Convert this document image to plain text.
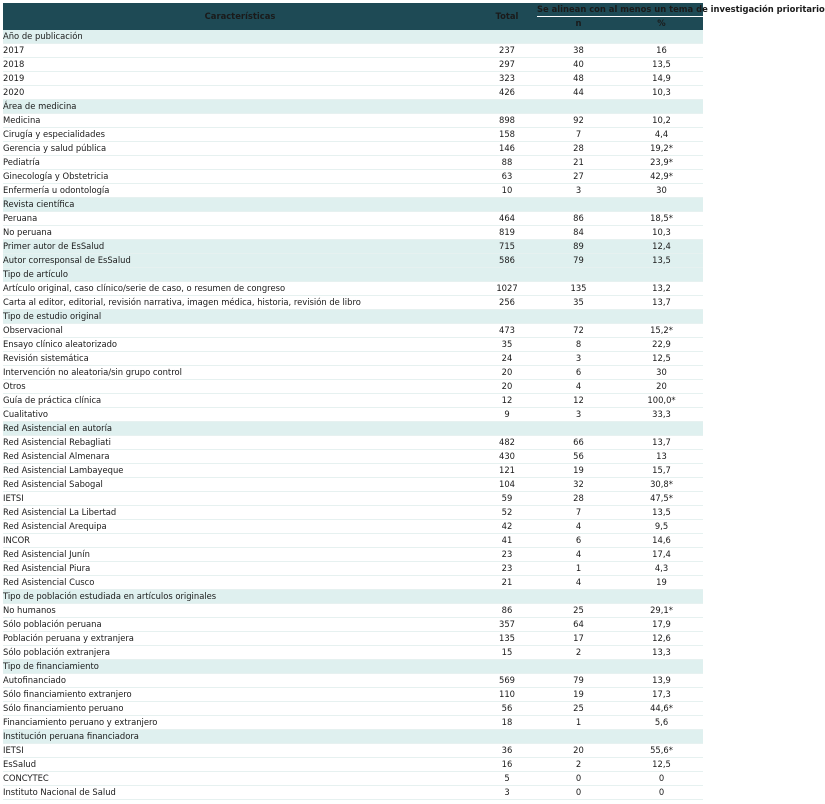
Características	Total	Se alinean con al menos un tema de investigación prioritario	
		n	%
Año de publicación			
2017	237	38	16
2018	297	40	13,5
2019	323	48	14,9
2020	426	44	10,3
Área de medicina			
Medicina	898	92	10,2
Cirugía y especialidades	158	7	4,4
Gerencia y salud pública	146	28	19,2*
Pediatría	88	21	23,9*
Ginecología y Obstetricia	63	27	42,9*
Enfermería u odontología	10	3	30
Revista científica			
Peruana	464	86	18,5*
No peruana	819	84	10,3
Primer autor de EsSalud	715	89	12,4
Autor corresponsal de EsSalud	586	79	13,5
Tipo de artículo			
Artículo original, caso clínico/serie de caso, o resumen de congreso	1027	135	13,2
Carta al editor, editorial, revisión narrativa, imagen médica, historia, revisión de libro	256	35	13,7
Tipo de estudio original			
Observacional	473	72	15,2*
Ensayo clínico aleatorizado	35	8	22,9
Revisión sistemática	24	3	12,5
Intervención no aleatoria/sin grupo control	20	6	30
Otros	20	4	20
Guía de práctica clínica	12	12	100,0*
Cualitativo	9	3	33,3
Red Asistencial en autoría			
Red Asistencial Rebagliati	482	66	13,7
Red Asistencial Almenara	430	56	13
Red Asistencial Lambayeque	121	19	15,7
Red Asistencial Sabogal	104	32	30,8*
IETSI	59	28	47,5*
Red Asistencial La Libertad	52	7	13,5
Red Asistencial Arequipa	42	4	9,5
INCOR	41	6	14,6
Red Asistencial Junín	23	4	17,4
Red Asistencial Piura	23	1	4,3
Red Asistencial Cusco	21	4	19
Tipo de población estudiada en artículos originales			
No humanos	86	25	29,1*
Sólo población peruana	357	64	17,9
Población peruana y extranjera	135	17	12,6
Sólo población extranjera	15	2	13,3
Tipo de financiamiento			
Autofinanciado	569	79	13,9
Sólo financiamiento extranjero	110	19	17,3
Sólo financiamiento peruano	56	25	44,6*
Financiamiento peruano y extranjero	18	1	5,6
Institución peruana financiadora			
IETSI	36	20	55,6*
EsSalud	16	2	12,5
CONCYTEC	5	0	0
Instituto Nacional de Salud	3	0	0
